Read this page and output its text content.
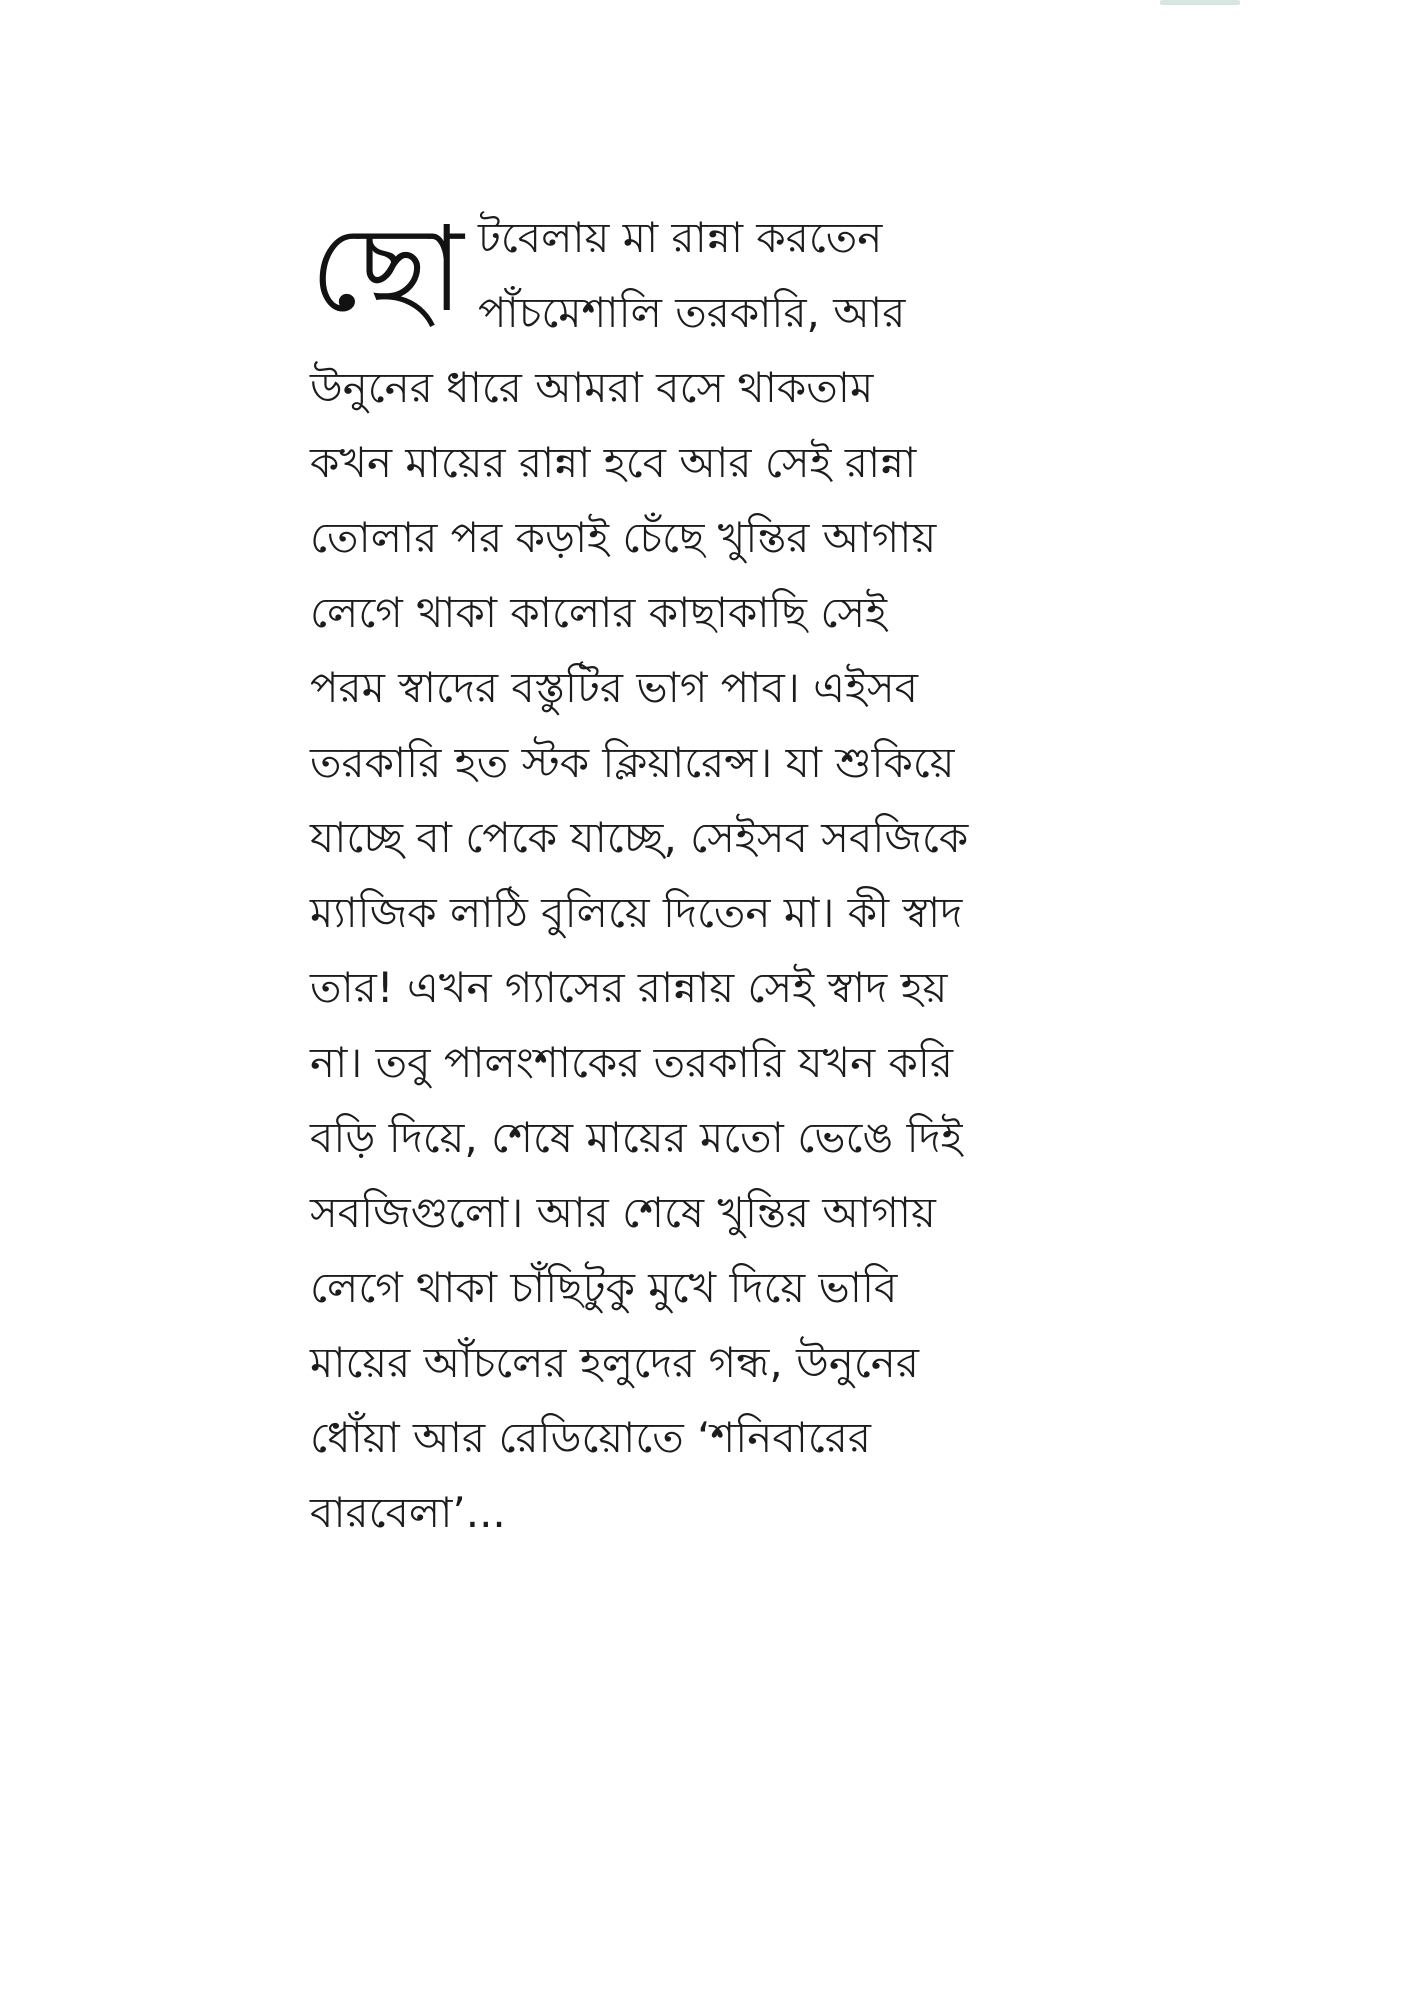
ছো টবেলায় মা রান্না করতেন
পাঁচমেশালি তরকারি, আর
উনুনের ধারে আমরা বসে থাকতাম
কখন মায়ের রান্না হবে আর সেই রান্না
তোলার পর কড়াই চেঁছে খুন্তির আগায়
লেগে থাকা কালোর কাছাকাছি সেই
পরম স্বাদের বস্তুটির ভাগ পাব। এইসব
তরকারি হত স্টক ক্লিয়ারেন্স। যা শুকিয়ে
যাচ্ছে বা পেকে যাচ্ছে, সেইসব সবজিকে
ম্যাজিক লাঠি বুলিয়ে দিতেন মা। কী স্বাদ
তার! এখন গ্যাসের রান্নায় সেই স্বাদ হয়
না। তবু পালংশাকের তরকারি যখন করি
বড়ি দিয়ে, শেষে মায়ের মতো ভেঙে দিই
সবজিগুলো। আর শেষে খুন্তির আগায়
লেগে থাকা চাঁছিটুকু মুখে দিয়ে ভাবি
মায়ের আঁচলের হলুদের গন্ধ, উনুনের
ধোঁয়া আর রেডিয়োতে ‘শনিবারের
বারবেলা’...
